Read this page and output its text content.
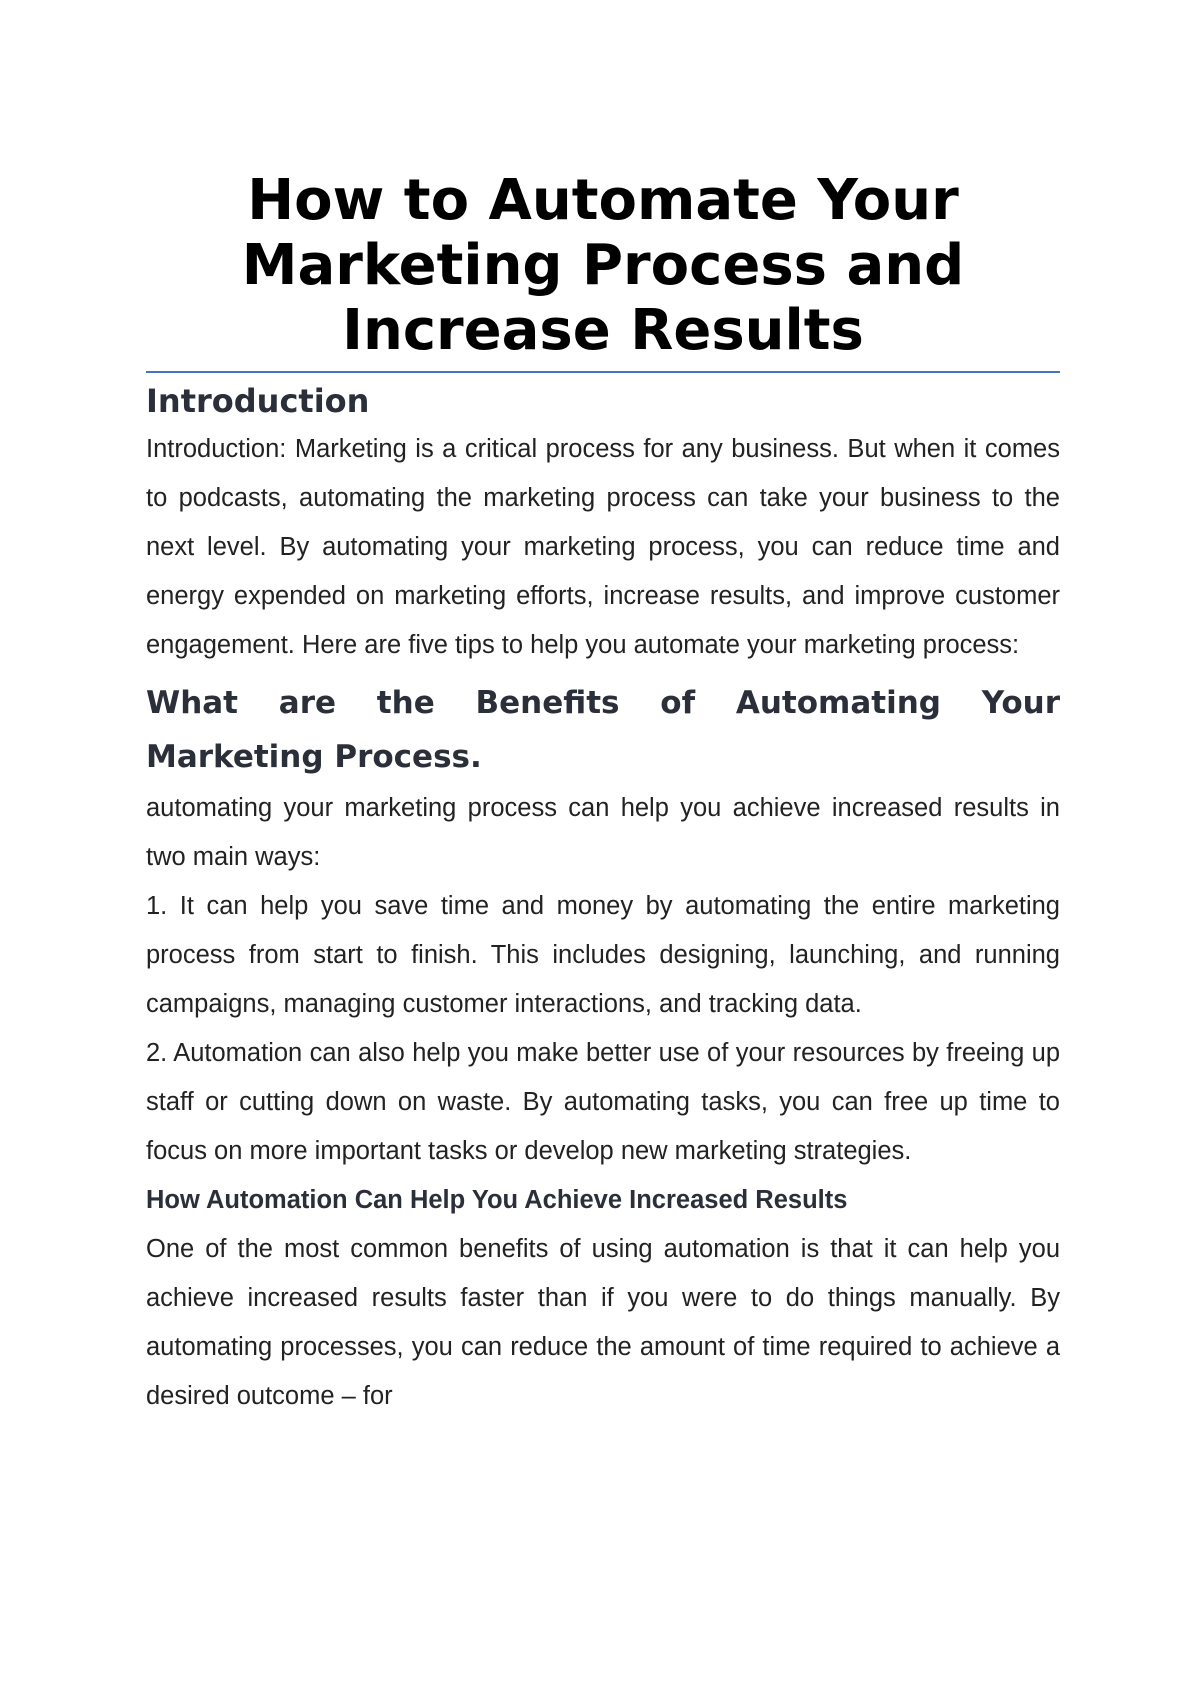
How to Automate Your Marketing Process and Increase Results
Introduction

Introduction: Marketing is a critical process for any business. But when it comes to podcasts, automating the marketing process can take your business to the next level. By automating your marketing process, you can reduce time and energy expended on marketing efforts, increase results, and improve customer engagement. Here are five tips to help you automate your marketing process:

What are the Benefits of Automating Your Marketing Process.

automating your marketing process can help you achieve increased results in two main ways:

1. It can help you save time and money by automating the entire marketing process from start to finish. This includes designing, launching, and running campaigns, managing customer interactions, and tracking data.

2. Automation can also help you make better use of your resources by freeing up staff or cutting down on waste. By automating tasks, you can free up time to focus on more important tasks or develop new marketing strategies.

How Automation Can Help You Achieve Increased Results

One of the most common benefits of using automation is that it can help you achieve increased results faster than if you were to do things manually. By automating processes, you can reduce the amount of time required to achieve a desired outcome – for
